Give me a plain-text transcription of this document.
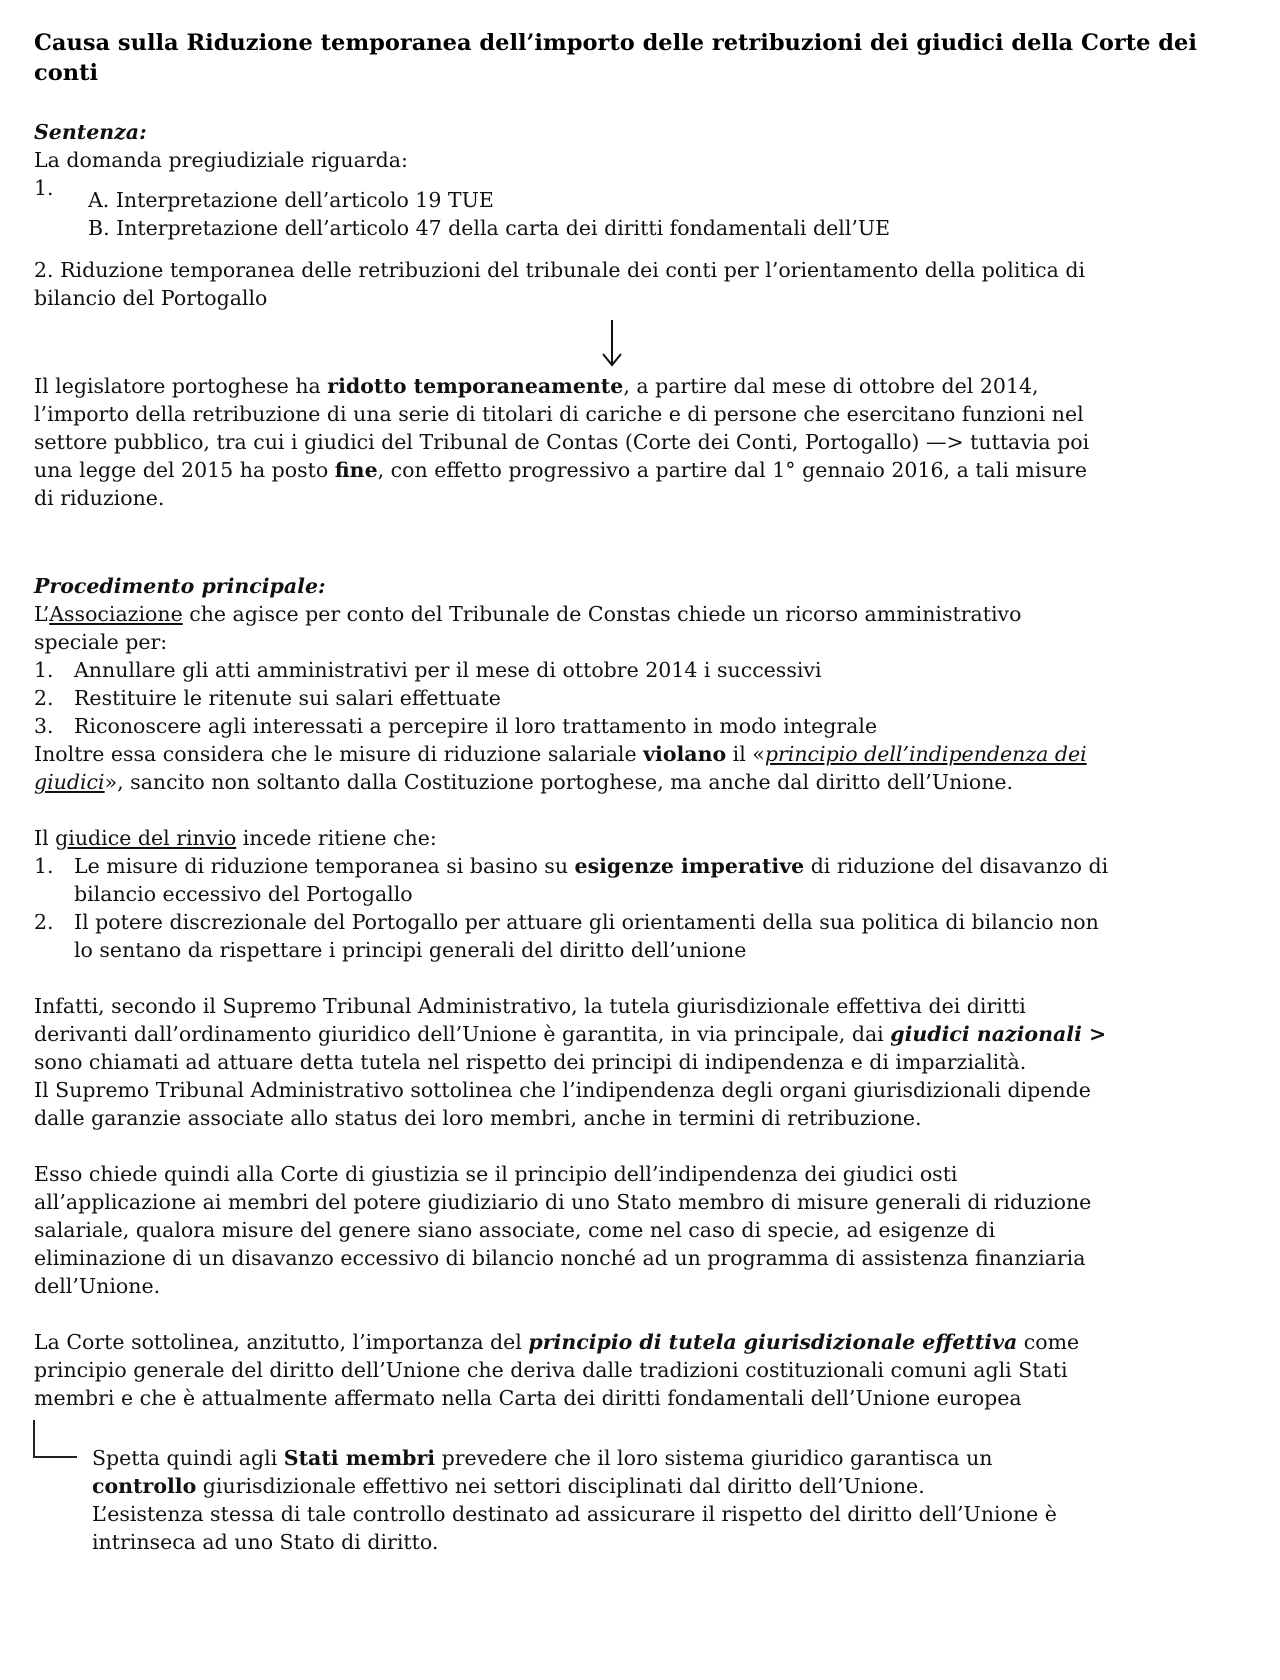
Causa sulla Riduzione temporanea dell’importo delle retribuzioni dei giudici della Corte dei conti
Sentenza:
La domanda pregiudiziale riguarda:
1. A. Interpretazione dell’articolo 19 TUE
B. Interpretazione dell’articolo 47 della carta dei diritti fondamentali dell’UE
2. Riduzione temporanea delle retribuzioni del tribunale dei conti per l’orientamento della politica di
bilancio del Portogallo
Il legislatore portoghese ha ridotto temporaneamente, a partire dal mese di ottobre del 2014,
l’importo della retribuzione di una serie di titolari di cariche e di persone che esercitano funzioni nel
settore pubblico, tra cui i giudici del Tribunal de Contas (Corte dei Conti, Portogallo) —> tuttavia poi
una legge del 2015 ha posto fine, con effetto progressivo a partire dal 1° gennaio 2016, a tali misure
di riduzione.
Procedimento principale:
L’Associazione che agisce per conto del Tribunale de Constas chiede un ricorso amministrativo
speciale per:
1. Annullare gli atti amministrativi per il mese di ottobre 2014 i successivi
2. Restituire le ritenute sui salari effettuate
3. Riconoscere agli interessati a percepire il loro trattamento in modo integrale
Inoltre essa considera che le misure di riduzione salariale violano il «principio dell’indipendenza dei
giudici», sancito non soltanto dalla Costituzione portoghese, ma anche dal diritto dell’Unione.
Il giudice del rinvio incede ritiene che:
1. Le misure di riduzione temporanea si basino su esigenze imperative di riduzione del disavanzo di
bilancio eccessivo del Portogallo
2. Il potere discrezionale del Portogallo per attuare gli orientamenti della sua politica di bilancio non
lo sentano da rispettare i principi generali del diritto dell’unione
Infatti, secondo il Supremo Tribunal Administrativo, la tutela giurisdizionale effettiva dei diritti
derivanti dall’ordinamento giuridico dell’Unione è garantita, in via principale, dai giudici nazionali >
sono chiamati ad attuare detta tutela nel rispetto dei principi di indipendenza e di imparzialità.
Il Supremo Tribunal Administrativo sottolinea che l’indipendenza degli organi giurisdizionali dipende
dalle garanzie associate allo status dei loro membri, anche in termini di retribuzione.
Esso chiede quindi alla Corte di giustizia se il principio dell’indipendenza dei giudici osti
all’applicazione ai membri del potere giudiziario di uno Stato membro di misure generali di riduzione
salariale, qualora misure del genere siano associate, come nel caso di specie, ad esigenze di
eliminazione di un disavanzo eccessivo di bilancio nonché ad un programma di assistenza finanziaria
dell’Unione.
La Corte sottolinea, anzitutto, l’importanza del principio di tutela giurisdizionale effettiva come
principio generale del diritto dell’Unione che deriva dalle tradizioni costituzionali comuni agli Stati
membri e che è attualmente affermato nella Carta dei diritti fondamentali dell’Unione europea
Spetta quindi agli Stati membri prevedere che il loro sistema giuridico garantisca un
controllo giurisdizionale effettivo nei settori disciplinati dal diritto dell’Unione.
L’esistenza stessa di tale controllo destinato ad assicurare il rispetto del diritto dell’Unione è
intrinseca ad uno Stato di diritto.
